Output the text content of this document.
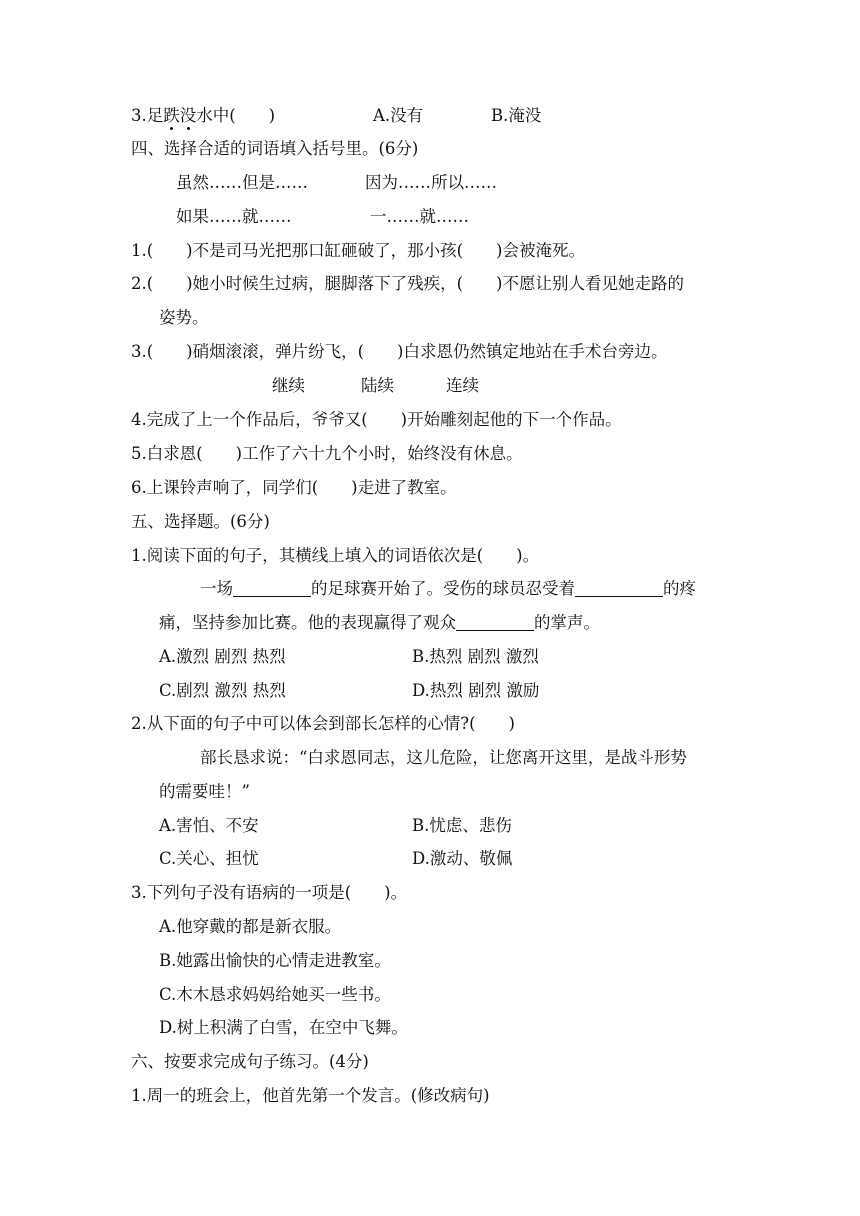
3.足跌没水中(　　)	A.没有	B.淹没
四、选择合适的词语填入括号里。(6分)
虽然……但是……	因为……所以……
如果……就……	一……就……
1.(　　)不是司马光把那口缸砸破了，那小孩(　　)会被淹死。
2.(　　)她小时候生过病，腿脚落下了残疾，(　　)不愿让别人看见她走路的
姿势。
3.(　　)硝烟滚滚，弹片纷飞，(　　)白求恩仍然镇定地站在手术台旁边。
继续	陆续	连续
4.完成了上一个作品后，爷爷又(　　)开始雕刻起他的下一个作品。
5.白求恩(　　)工作了六十九个小时，始终没有休息。
6.上课铃声响了，同学们(　　)走进了教室。
五、选择题。(6分)
1.阅读下面的句子，其横线上填入的词语依次是(　　)。
一场	的足球赛开始了。受伤的球员忍受着	的疼
痛，坚持参加比赛。他的表现赢得了观众	的掌声。
A.激烈 剧烈 热烈	B.热烈 剧烈 激烈
C.剧烈 激烈 热烈	D.热烈 剧烈 激励
2.从下面的句子中可以体会到部长怎样的心情?(　　)
部长恳求说：“白求恩同志，这儿危险，让您离开这里，是战斗形势
的需要哇！”
A.害怕、不安	B.忧虑、悲伤
C.关心、担忧	D.激动、敬佩
3.下列句子没有语病的一项是(　　)。
A.他穿戴的都是新衣服。
B.她露出愉快的心情走进教室。
C.木木恳求妈妈给她买一些书。
D.树上积满了白雪，在空中飞舞。
六、按要求完成句子练习。(4分)
1.周一的班会上，他首先第一个发言。(修改病句)
